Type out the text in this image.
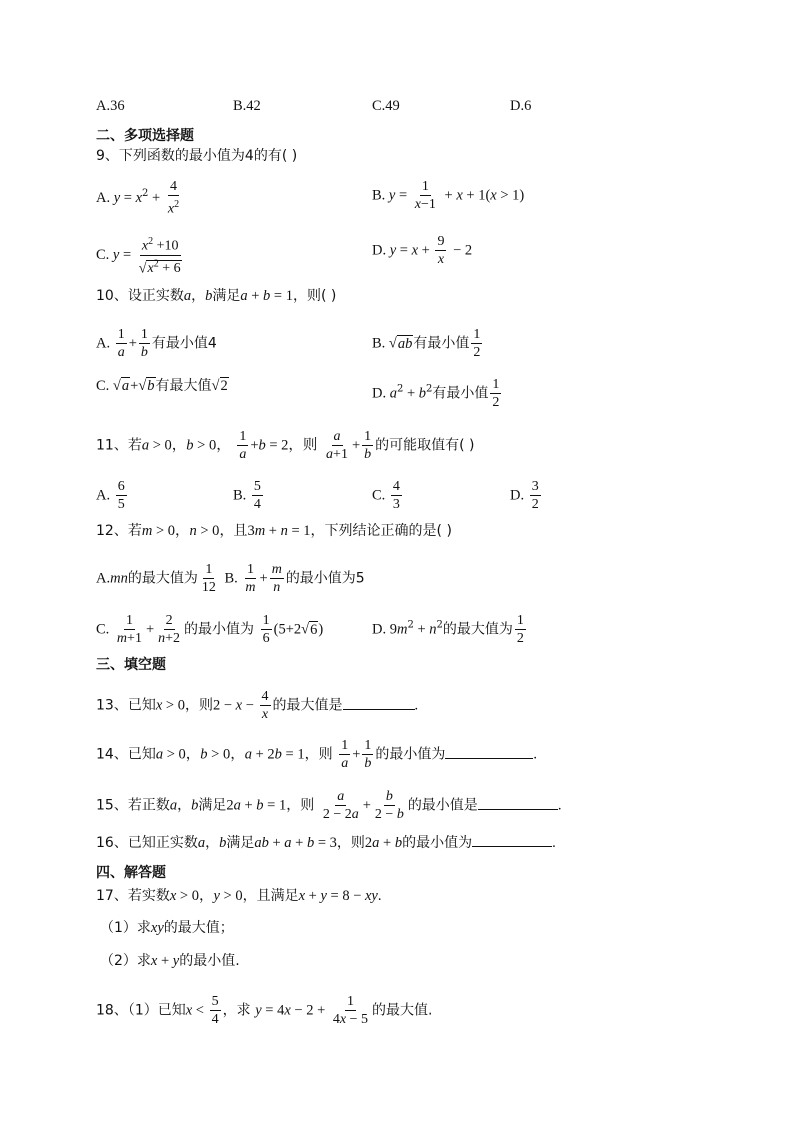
A.36	B.42	C.49	D.6
二、多项选择题
9、下列函数的最小值为4的有( )
A. $y = x^2 + \frac{4}{x^2}$	B. $y = \frac{1}{x-1} + x + 1(x > 1)$
C. $y = \frac{x^2 +10}{√x^2 + 6}$	D. $y = x + \frac{9}{x} - 2$
10、设正实数a，b满足a + b = 1，则( )
A. $\frac{1}{a} + \frac{1}{b}$ 有最小值4	B. √ab有最小值 $\frac{1}{2}$
C. √a+√b有最大值√2	D. $a^2 + b^2$有最小值 $\frac{1}{2}$
11、若a > 0，b > 0， $\frac{1}{a} +b = 2$，则 $\frac{a}{a+1} + \frac{1}{b}$ 的可能取值有( )
A. $\frac{6}{5}$	B. $\frac{5}{4}$	C. $\frac{4}{3}$	D. $\frac{3}{2}$
12、若m > 0，n > 0，且3m + n = 1，下列结论正确的是( )
A.mn的最大值为 $\frac{1}{12} B$. $\frac{1}{m} + \frac{m}{n}$ 的最小值为5
C. $\frac{1}{m+1} + \frac{2}{n+2}$ 的最小值为 $\frac{1}{6} (5+2√6)$	D. $9m^2 + n^2$的最大值为 $\frac{1}{2}$
三、填空题
13、已知x > 0，则$2 - x - \frac{4}{x}$ 的最大值是	.
14、已知a > 0，b > 0，a + 2b = 1，则 $\frac{1}{a} + \frac{1}{b}$ 的最小值为	.
15、若正数a，b满足2a + b = 1，则 $\frac{a}{2 - 2a} + \frac{b}{2 - b}$ 的最小值是	.
16、已知正实数a，b满足ab + a + b = 3，则2a + b的最小值为	.
四、解答题
17、若实数x > 0，y > 0，且满足x + y = 8 − xy.
（1）求xy的最大值；
（2）求x + y的最小值.
18、（1）已知$x < \frac{5}{4}$ ，求 $y = 4x - 2 + \frac{1}{4x - 5}$ 的最大值.
